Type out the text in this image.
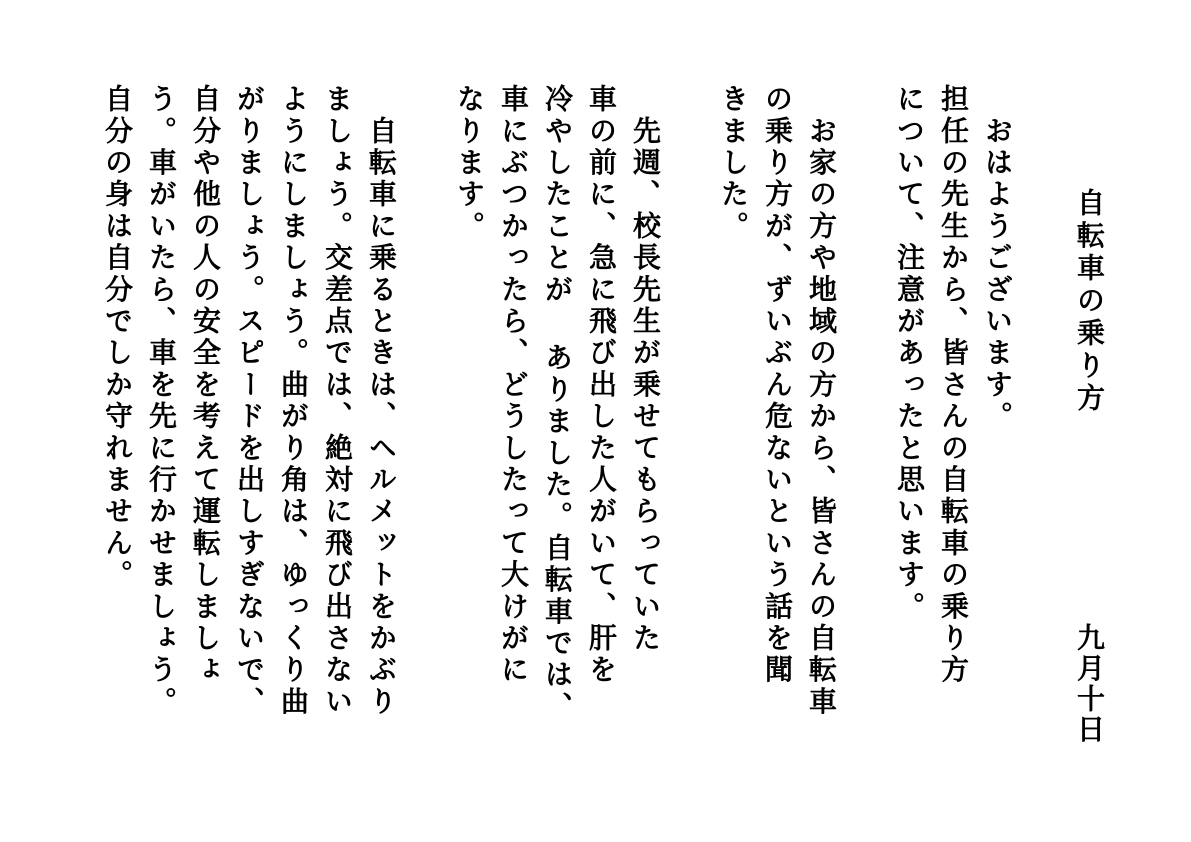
自転車の乗り方

九月十日

　おはようございます。

担任の先生から、皆さんの自転車の乗り方

について、注意があったと思います。

　お家の方や地域の方から、皆さんの自転車

の乗り方が、ずいぶん危ないという話を聞

きました。

　先週、校長先生が乗せてもらっていた

車の前に、急に飛び出した人がいて、肝を

冷やしたことが ありました。自転車では、

車にぶつかったら、どうしたって大けがに

なります。

　自転車に乗るときは、ヘルメットをかぶり

ましょう。交差点では、絶対に飛び出さない

ようにしましょう。曲がり角は、ゆっくり曲

がりましょう。スピードを出しすぎないで、

自分や他の人の安全を考えて運転しましょ

う。車がいたら、車を先に行かせましょう。

自分の身は自分でしか守れません。
